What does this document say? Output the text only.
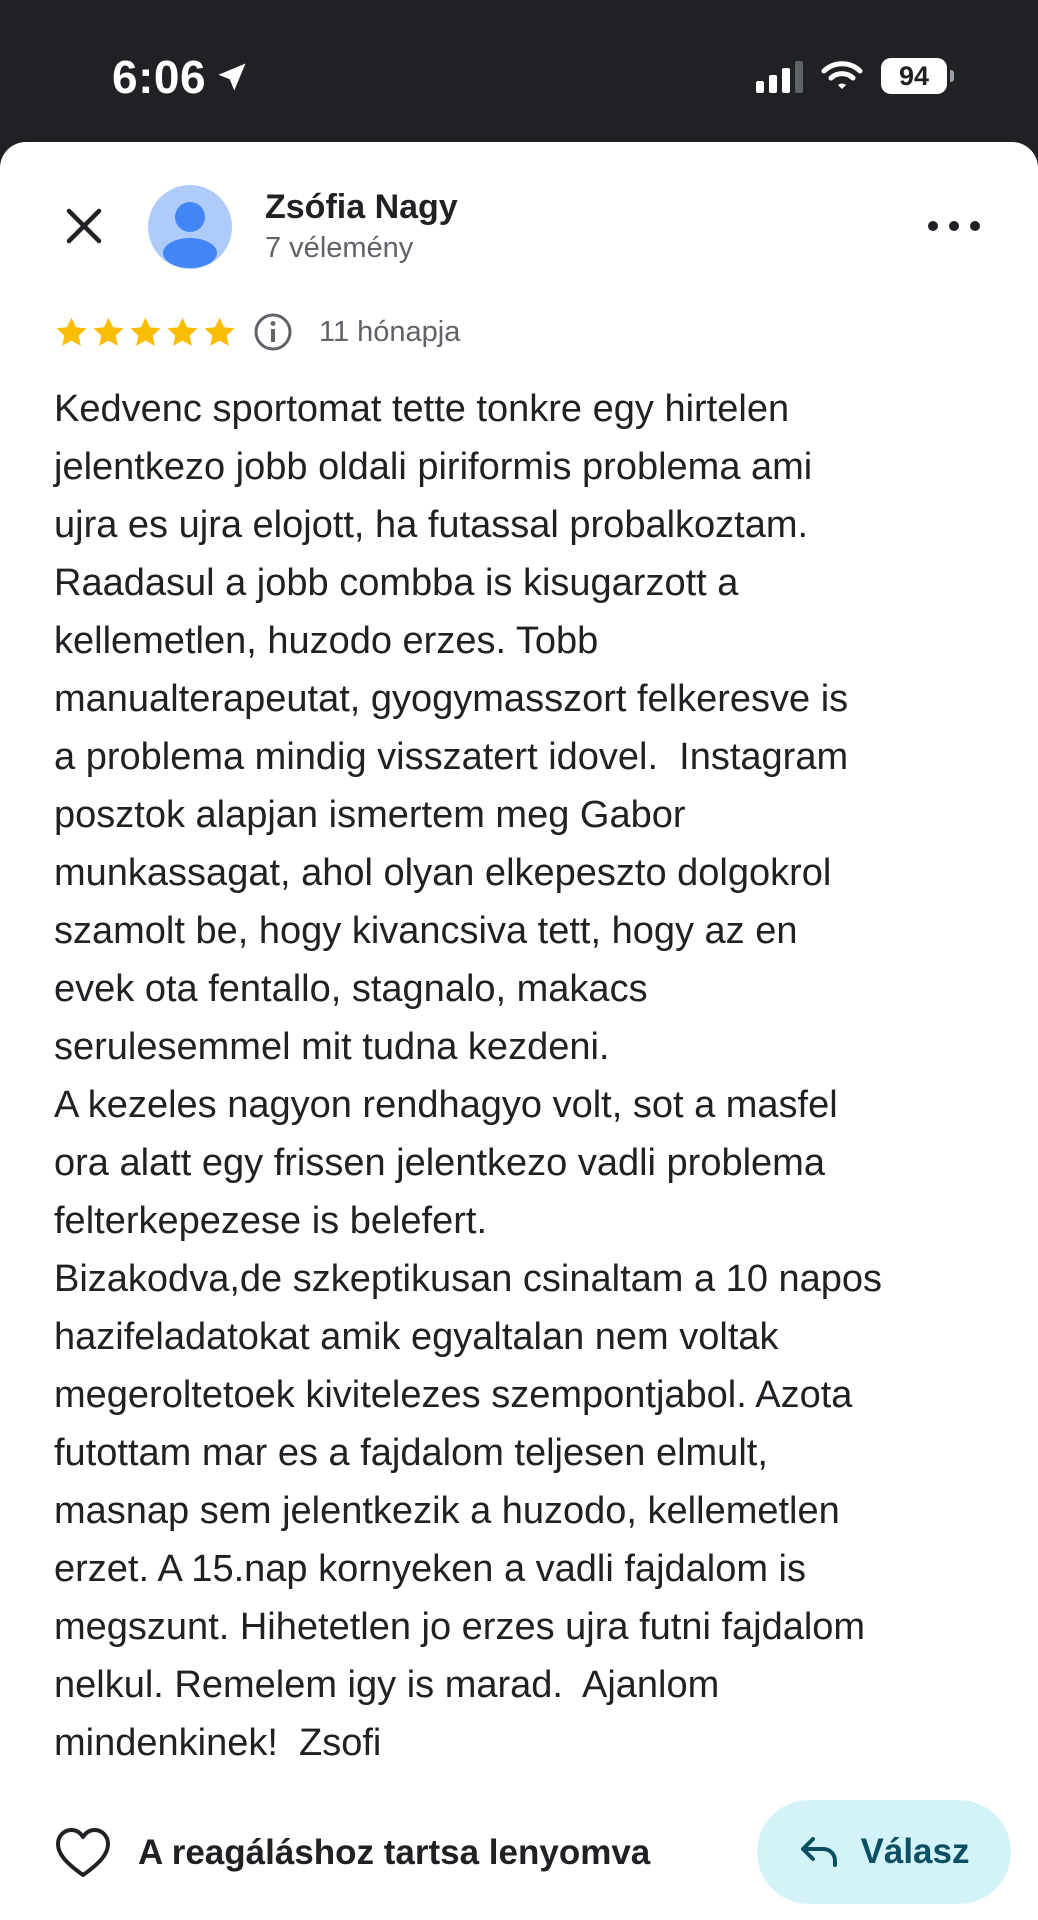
6:06	94
Zsófia Nagy
7 vélemény
11 hónapja

Kedvenc sportomat tette tonkre egy hirtelen
jelentkezo jobb oldali piriformis problema ami
ujra es ujra elojott, ha futassal probalkoztam.
Raadasul a jobb combba is kisugarzott a
kellemetlen, huzodo erzes. Tobb
manualterapeutat, gyogymasszort felkeresve is
a problema mindig visszatert idovel.  Instagram
posztok alapjan ismertem meg Gabor
munkassagat, ahol olyan elkepeszto dolgokrol
szamolt be, hogy kivancsiva tett, hogy az en
evek ota fentallo, stagnalo, makacs
serulesemmel mit tudna kezdeni.
A kezeles nagyon rendhagyo volt, sot a masfel
ora alatt egy frissen jelentkezo vadli problema
felterkepezese is belefert.
Bizakodva,de szkeptikusan csinaltam a 10 napos
hazifeladatokat amik egyaltalan nem voltak
megeroltetoek kivitelezes szempontjabol. Azota
futottam mar es a fajdalom teljesen elmult,
masnap sem jelentkezik a huzodo, kellemetlen
erzet. A 15.nap kornyeken a vadli fajdalom is
megszunt. Hihetetlen jo erzes ujra futni fajdalom
nelkul. Remelem igy is marad.  Ajanlom
mindenkinek!  Zsofi

A reagáláshoz tartsa lenyomva	Válasz
